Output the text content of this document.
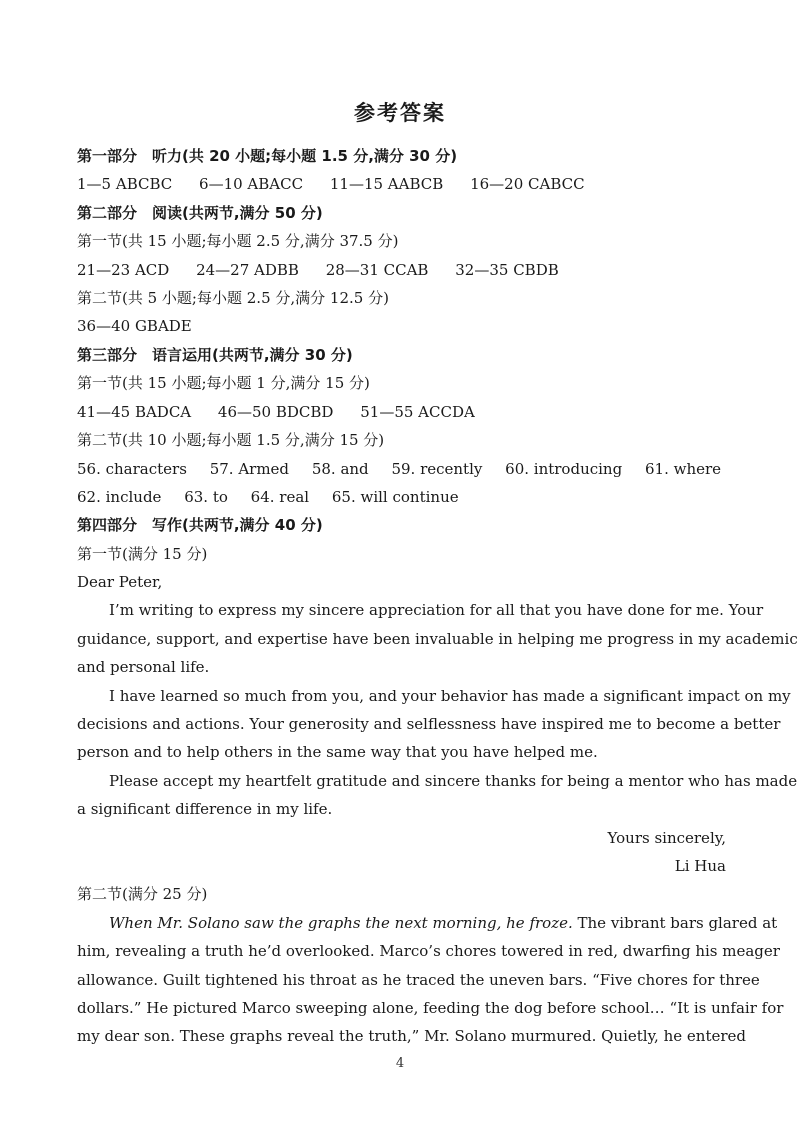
参考答案
第一部分　听力(共 20 小题;每小题 1.5 分,满分 30 分)
1—5 ABCBC 6—10 ABACC 11—15 AABCB 16—20 CABCC
第二部分　阅读(共两节,满分 50 分)
第一节(共 15 小题;每小题 2.5 分,满分 37.5 分)
21—23 ACD 24—27 ADBB 28—31 CCAB 32—35 CBDB
第二节(共 5 小题;每小题 2.5 分,满分 12.5 分)
36—40 GBADE
第三部分　语言运用(共两节,满分 30 分)
第一节(共 15 小题;每小题 1 分,满分 15 分)
41—45 BADCA 46—50 BDCBD 51—55 ACCDA
第二节(共 10 小题;每小题 1.5 分,满分 15 分)
56. characters 57. Armed 58. and 59. recently 60. introducing 61. where
62. include 63. to 64. real 65. will continue
第四部分　写作(共两节,满分 40 分)
第一节(满分 15 分)
Dear Peter,
I’m writing to express my sincere appreciation for all that you have done for me. Your
guidance, support, and expertise have been invaluable in helping me progress in my academic
and personal life.
I have learned so much from you, and your behavior has made a significant impact on my
decisions and actions. Your generosity and selflessness have inspired me to become a better
person and to help others in the same way that you have helped me.
Please accept my heartfelt gratitude and sincere thanks for being a mentor who has made
a significant difference in my life.
Yours sincerely,
Li Hua
第二节(满分 25 分)
When Mr. Solano saw the graphs the next morning, he froze. The vibrant bars glared at
him, revealing a truth he’d overlooked. Marco’s chores towered in red, dwarfing his meager
allowance. Guilt tightened his throat as he traced the uneven bars. “Five chores for three
dollars.” He pictured Marco sweeping alone, feeding the dog before school… “It is unfair for
my dear son. These graphs reveal the truth,” Mr. Solano murmured. Quietly, he entered
4
